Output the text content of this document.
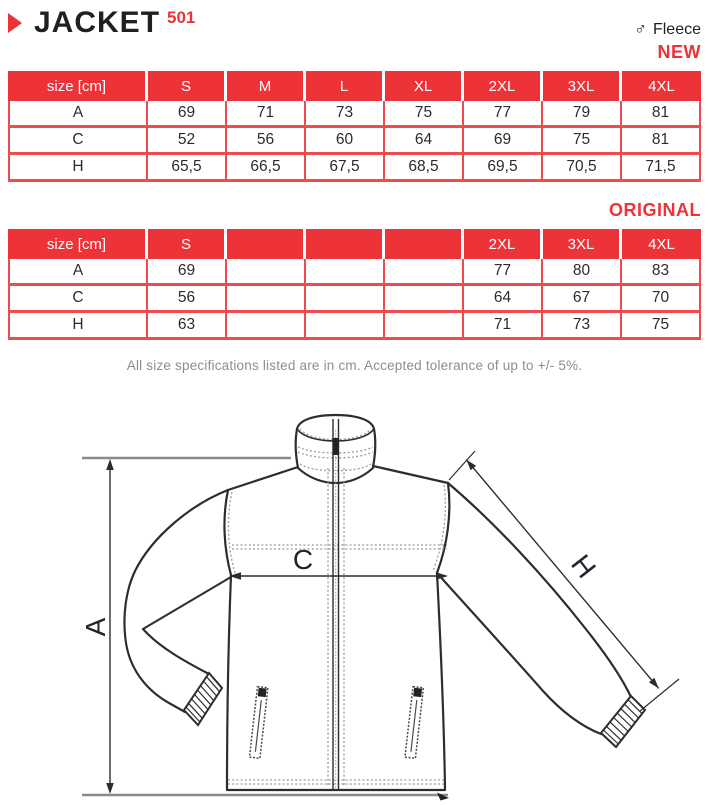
JACKET $^{501}$
♂ Fleece
NEW
ORIGINAL
size [cm]	S	M	L	XL	2XL	3XL	4XL
A	69	71	73	75	77	79	81
C	52	56	60	64	69	75	81
H	65,5	66,5	67,5	68,5	69,5	70,5	71,5
size [cm]	S				2XL	3XL	4XL
A	69				77	80	83
C	56				64	67	70
H	63				71	73	75
All size specifications listed are in cm. Accepted tolerance of up to +/- 5%.
A
C	H
